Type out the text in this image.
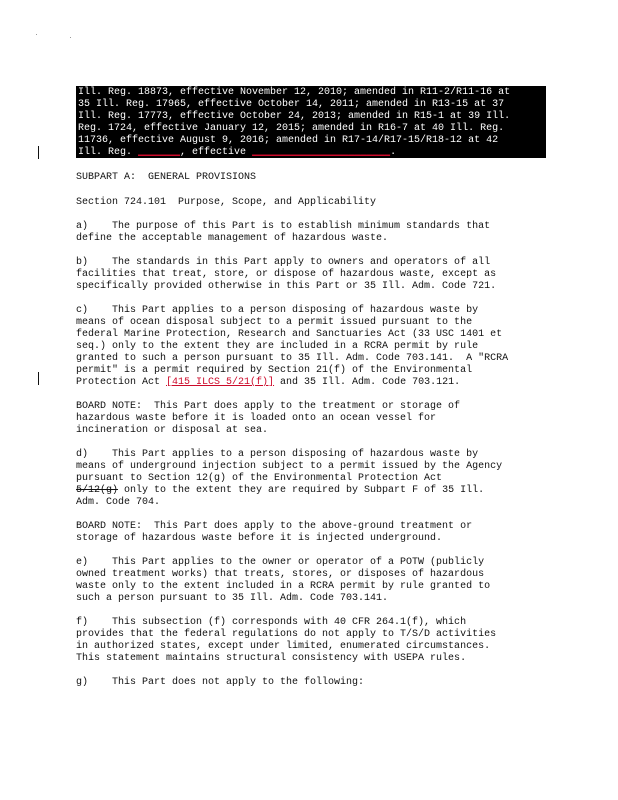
Ill. Reg. 18873, effective November 12, 2010; amended in R11-2/R11-16 at
35 Ill. Reg. 17965, effective October 14, 2011; amended in R13-15 at 37
Ill. Reg. 17773, effective October 24, 2013; amended in R15-1 at 39 Ill.
Reg. 1724, effective January 12, 2015; amended in R16-7 at 40 Ill. Reg.
11736, effective August 9, 2016; amended in R17-14/R17-15/R18-12 at 42
Ill. Reg. _______, effective _______________________.
SUBPART A:  GENERAL PROVISIONS
Section 724.101  Purpose, Scope, and Applicability
a)    The purpose of this Part is to establish minimum standards that
define the acceptable management of hazardous waste.
b)    The standards in this Part apply to owners and operators of all
facilities that treat, store, or dispose of hazardous waste, except as
specifically provided otherwise in this Part or 35 Ill. Adm. Code 721.
c)    This Part applies to a person disposing of hazardous waste by
means of ocean disposal subject to a permit issued pursuant to the
federal Marine Protection, Research and Sanctuaries Act (33 USC 1401 et
seq.) only to the extent they are included in a RCRA permit by rule
granted to such a person pursuant to 35 Ill. Adm. Code 703.141.  A "RCRA
permit" is a permit required by Section 21(f) of the Environmental
Protection Act [415 ILCS 5/21(f)] and 35 Ill. Adm. Code 703.121.
BOARD NOTE:  This Part does apply to the treatment or storage of
hazardous waste before it is loaded onto an ocean vessel for
incineration or disposal at sea.
d)    This Part applies to a person disposing of hazardous waste by
means of underground injection subject to a permit issued by the Agency
pursuant to Section 12(g) of the Environmental Protection Act
5/12(g) only to the extent they are required by Subpart F of 35 Ill.
Adm. Code 704.
BOARD NOTE:  This Part does apply to the above-ground treatment or
storage of hazardous waste before it is injected underground.
e)    This Part applies to the owner or operator of a POTW (publicly
owned treatment works) that treats, stores, or disposes of hazardous
waste only to the extent included in a RCRA permit by rule granted to
such a person pursuant to 35 Ill. Adm. Code 703.141.
f)    This subsection (f) corresponds with 40 CFR 264.1(f), which
provides that the federal regulations do not apply to T/S/D activities
in authorized states, except under limited, enumerated circumstances.
This statement maintains structural consistency with USEPA rules.
g)    This Part does not apply to the following:
